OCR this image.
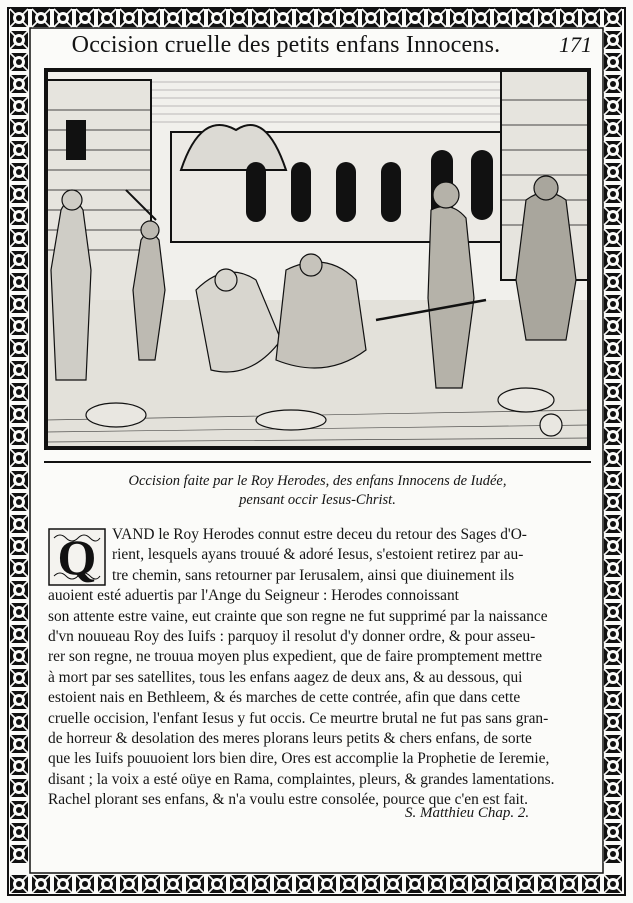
Occision cruelle des petits enfans Innocens.	171
Occision faite par le Roy Herodes, des enfans Innocens de Iudée,
pensant occir Iesus-Christ.
Q	VAND le Roy Herodes connut estre deceu du retour des Sages d'O-
rient, lesquels ayans trouué & adoré Iesus, s'estoient retirez par au-
tre chemin, sans retourner par Ierusalem, ainsi que diuinement ils
auoient esté aduertis par l'Ange du Seigneur : Herodes connoissant
son attente estre vaine, eut crainte que son regne ne fut supprimé par la naissance
d'vn nouueau Roy des Iuifs : parquoy il resolut d'y donner ordre, & pour asseu-
rer son regne, ne trouua moyen plus expedient, que de faire promptement mettre
à mort par ses satellites, tous les enfans aagez de deux ans, & au dessous, qui
estoient nais en Bethleem, & és marches de cette contrée, afin que dans cette
cruelle occision, l'enfant Iesus y fut occis. Ce meurtre brutal ne fut pas sans gran-
de horreur & desolation des meres plorans leurs petits & chers enfans, de sorte
que les Iuifs pouuoient lors bien dire, Ores est accomplie la Prophetie de Ieremie,
disant ; la voix a esté oüye en Rama, complaintes, pleurs, & grandes lamentations.
Rachel plorant ses enfans, & n'a voulu estre consolée, pource que c'en est fait.
S. Matthieu Chap. 2.
